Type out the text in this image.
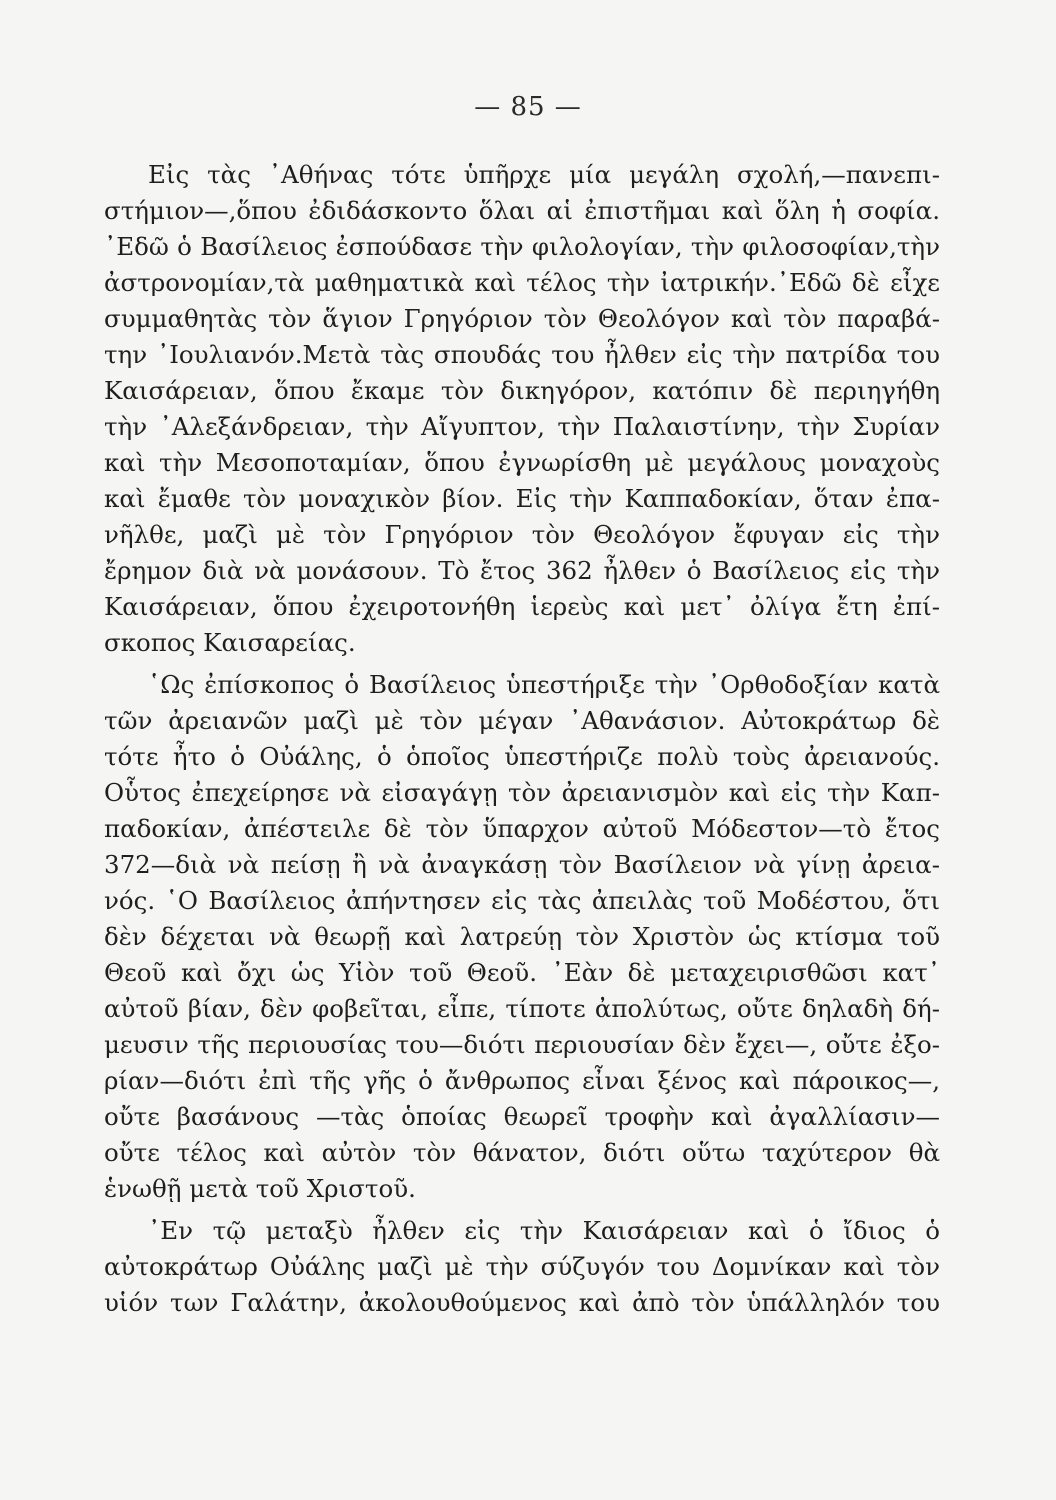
— 85 —
Εἰς τὰς ᾿Αθήνας τότε ὑπῆρχε μία μεγάλη σχολή,—πανεπι-
στήμιον—,ὅπου ἐδιδάσκοντο ὅλαι αἱ ἐπιστῆμαι καὶ ὅλη ἡ σοφία.
᾿Εδῶ ὁ Βασίλειος ἐσπούδασε τὴν φιλολογίαν, τὴν φιλοσοφίαν,τὴν
ἀστρονομίαν,τὰ μαθηματικὰ καὶ τέλος τὴν ἰατρικήν.᾿Εδῶ δὲ εἶχε
συμμαθητὰς τὸν ἅγιον Γρηγόριον τὸν Θεολόγον καὶ τὸν παραβά-
την ᾿Ιουλιανόν.Μετὰ τὰς σπουδάς του ἦλθεν εἰς τὴν πατρίδα του
Καισάρειαν, ὅπου ἔκαμε τὸν δικηγόρον, κατόπιν δὲ περιηγήθη
τὴν ᾿Αλεξάνδρειαν, τὴν Αἴγυπτον, τὴν Παλαιστίνην, τὴν Συρίαν
καὶ τὴν Μεσοποταμίαν, ὅπου ἐγνωρίσθη μὲ μεγάλους μοναχοὺς
καὶ ἔμαθε τὸν μοναχικὸν βίον. Εἰς τὴν Καππαδοκίαν, ὅταν ἐπα-
νῆλθε, μαζὶ μὲ τὸν Γρηγόριον τὸν Θεολόγον ἔφυγαν εἰς τὴν
ἔρημον διὰ νὰ μονάσουν. Τὸ ἔτος 362 ἦλθεν ὁ Βασίλειος εἰς τὴν
Καισάρειαν, ὅπου ἐχειροτονήθη ἱερεὺς καὶ μετ᾿ ὀλίγα ἔτη ἐπί-
σκοπος Καισαρείας.
῾Ως ἐπίσκοπος ὁ Βασίλειος ὑπεστήριξε τὴν ᾿Ορθοδοξίαν κατὰ
τῶν ἀρειανῶν μαζὶ μὲ τὸν μέγαν ᾿Αθανάσιον. Αὐτοκράτωρ δὲ
τότε ἦτο ὁ Οὐάλης, ὁ ὁποῖος ὑπεστήριζε πολὺ τοὺς ἀρειανούς.
Οὗτος ἐπεχείρησε νὰ εἰσαγάγῃ τὸν ἀρειανισμὸν καὶ εἰς τὴν Καπ-
παδοκίαν, ἀπέστειλε δὲ τὸν ὕπαρχον αὐτοῦ Μόδεστον—τὸ ἔτος
372—διὰ νὰ πείσῃ ἢ νὰ ἀναγκάσῃ τὸν Βασίλειον νὰ γίνῃ ἀρεια-
νός. ῾Ο Βασίλειος ἀπήντησεν εἰς τὰς ἀπειλὰς τοῦ Μοδέστου, ὅτι
δὲν δέχεται νὰ θεωρῇ καὶ λατρεύῃ τὸν Χριστὸν ὡς κτίσμα τοῦ
Θεοῦ καὶ ὄχι ὡς Υἱὸν τοῦ Θεοῦ. ᾿Εὰν δὲ μεταχειρισθῶσι κατ᾿
αὐτοῦ βίαν, δὲν φοβεῖται, εἶπε, τίποτε ἀπολύτως, οὔτε δηλαδὴ δή-
μευσιν τῆς περιουσίας του—διότι περιουσίαν δὲν ἔχει—, οὔτε ἐξο-
ρίαν—διότι ἐπὶ τῆς γῆς ὁ ἄνθρωπος εἶναι ξένος καὶ πάροικος—,
οὔτε βασάνους —τὰς ὁποίας θεωρεῖ τροφὴν καὶ ἀγαλλίασιν—
οὔτε τέλος καὶ αὐτὸν τὸν θάνατον, διότι οὕτω ταχύτερον θὰ
ἑνωθῇ μετὰ τοῦ Χριστοῦ.
᾿Εν τῷ μεταξὺ ἦλθεν εἰς τὴν Καισάρειαν καὶ ὁ ἴδιος ὁ
αὐτοκράτωρ Οὐάλης μαζὶ μὲ τὴν σύζυγόν του Δομνίκαν καὶ τὸν
υἱόν των Γαλάτην, ἀκολουθούμενος καὶ ἀπὸ τὸν ὑπάλληλόν του
